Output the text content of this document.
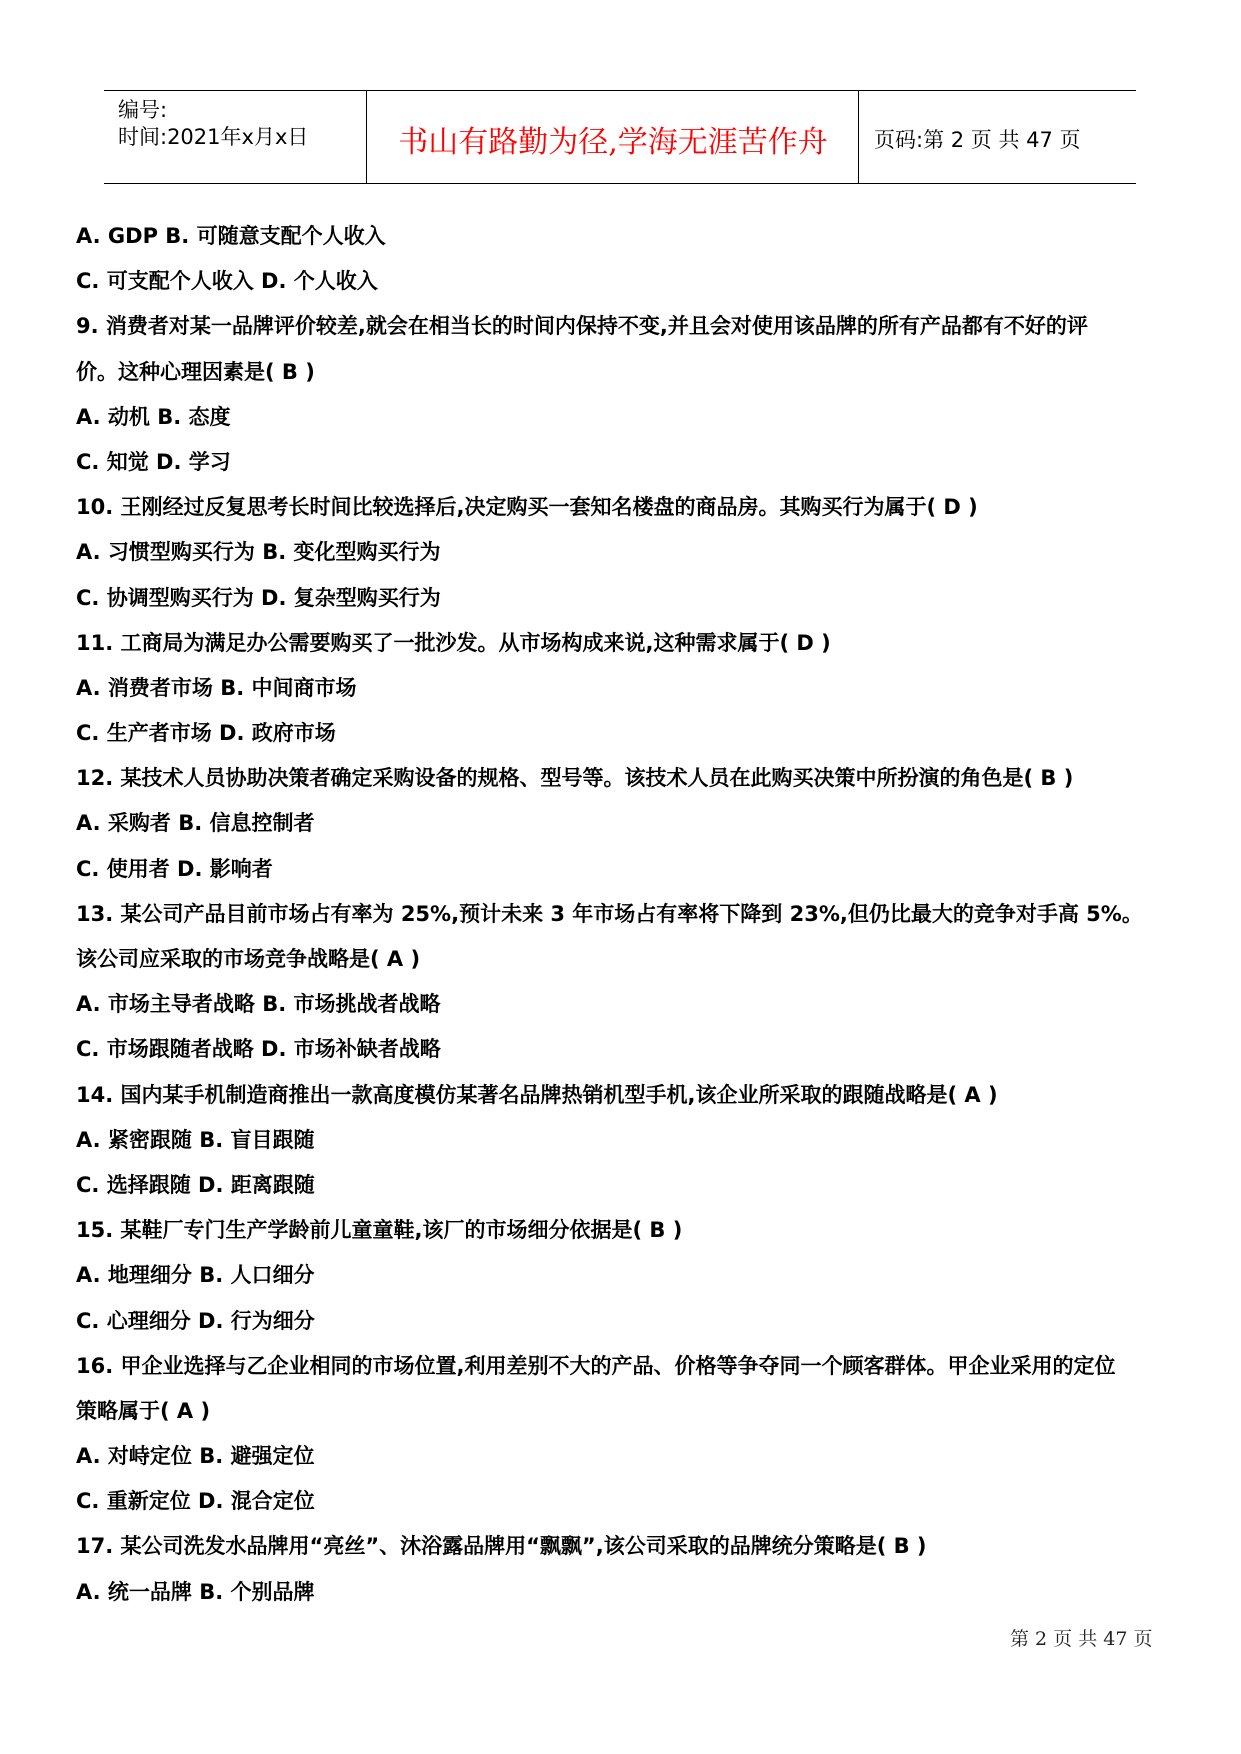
编号:
时间:2021年x月x日	书山有路勤为径,学海无涯苦作舟	页码:第 2 页 共 47 页
A. GDP B. 可随意支配个人收入
C. 可支配个人收入 D. 个人收入
9. 消费者对某一品牌评价较差,就会在相当长的时间内保持不变,并且会对使用该品牌的所有产品都有不好的评
价。这种心理因素是( B )
A. 动机 B. 态度
C. 知觉 D. 学习
10. 王刚经过反复思考长时间比较选择后,决定购买一套知名楼盘的商品房。其购买行为属于( D )
A. 习惯型购买行为 B. 变化型购买行为
C. 协调型购买行为 D. 复杂型购买行为
11. 工商局为满足办公需要购买了一批沙发。从市场构成来说,这种需求属于( D )
A. 消费者市场 B. 中间商市场
C. 生产者市场 D. 政府市场
12. 某技术人员协助决策者确定采购设备的规格、型号等。该技术人员在此购买决策中所扮演的角色是( B )
A. 采购者 B. 信息控制者
C. 使用者 D. 影响者
13. 某公司产品目前市场占有率为 25%,预计未来 3 年市场占有率将下降到 23%,但仍比最大的竞争对手高 5%。
该公司应采取的市场竞争战略是( A )
A. 市场主导者战略 B. 市场挑战者战略
C. 市场跟随者战略 D. 市场补缺者战略
14. 国内某手机制造商推出一款高度模仿某著名品牌热销机型手机,该企业所采取的跟随战略是( A )
A. 紧密跟随 B. 盲目跟随
C. 选择跟随 D. 距离跟随
15. 某鞋厂专门生产学龄前儿童童鞋,该厂的市场细分依据是( B )
A. 地理细分 B. 人口细分
C. 心理细分 D. 行为细分
16. 甲企业选择与乙企业相同的市场位置,利用差别不大的产品、价格等争夺同一个顾客群体。甲企业采用的定位
策略属于( A )
A. 对峙定位 B. 避强定位
C. 重新定位 D. 混合定位
17. 某公司洗发水品牌用“亮丝”、沐浴露品牌用“飘飘”,该公司采取的品牌统分策略是( B )
A. 统一品牌 B. 个别品牌
第 2 页 共 47 页
